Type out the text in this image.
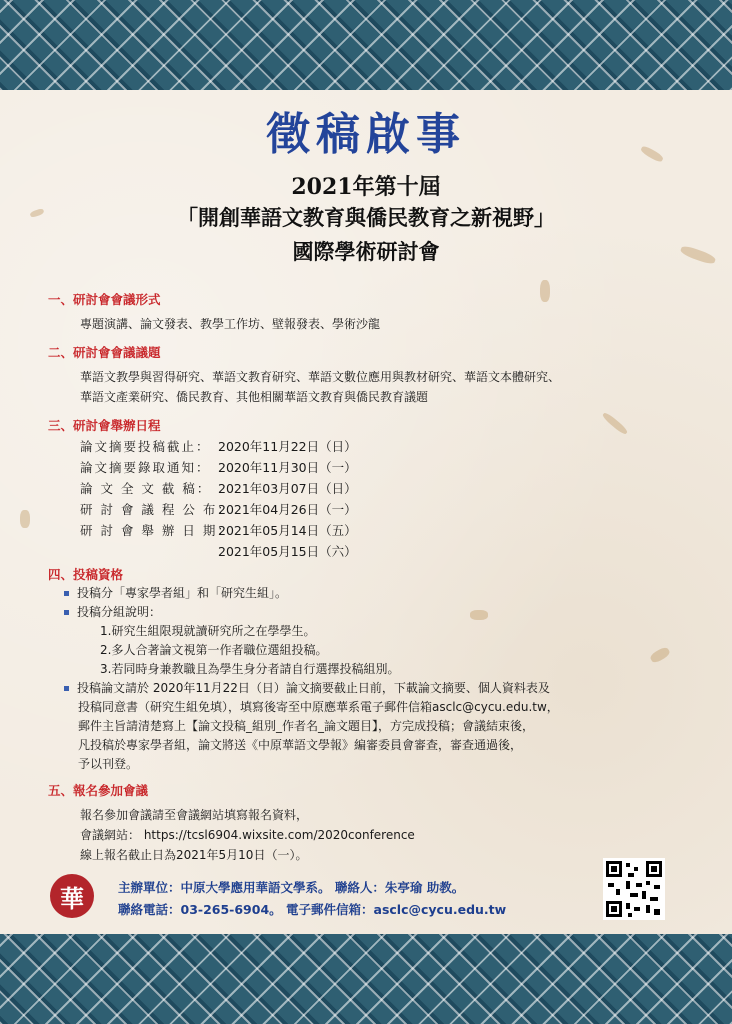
徵稿啟事
2021年第十屆
「開創華語文教育與僑民教育之新視野」
國際學術研討會
一、研討會會議形式
專題演講、論文發表、教學工作坊、壁報發表、學術沙龍
二、研討會會議議題
華語文教學與習得研究、華語文教育研究、華語文數位應用與教材研究、華語文本體研究、
華語文產業研究、僑民教育、其他相關華語文教育與僑民教育議題
三、研討會舉辦日程
論文摘要投稿截止： 2020年11月22日（日）
論文摘要錄取通知： 2020年11月30日（一）
論 文 全 文 截 稿： 2021年03月07日（日）
研 討 會 議 程 公 布：2021年04月26日（一）
研 討 會 舉 辦 日 期：2021年05月14日（五）
2021年05月15日（六）
四、投稿資格
投稿分「專家學者組」和「研究生組」。
投稿分組說明：
1.研究生組限現就讀研究所之在學學生。
2.多人合著論文視第一作者職位選組投稿。
3.若同時身兼教職且為學生身分者請自行選擇投稿組別。
投稿論文請於 2020年11月22日（日）論文摘要截止日前，下載論文摘要、個人資料表及
投稿同意書（研究生組免填），填寫後寄至中原應華系電子郵件信箱asclc@cycu.edu.tw，
郵件主旨請清楚寫上【論文投稿_組別_作者名_論文題目】，方完成投稿；會議結束後，
凡投稿於專家學者組，論文將送《中原華語文學報》編審委員會審查，審查通過後，
予以刊登。
五、報名參加會議
報名參加會議請至會議網站填寫報名資料，
會議網站： https://tcsl6904.wixsite.com/2020conference
線上報名截止日為2021年5月10日（一）。
華	主辦單位：中原大學應用華語文學系。 聯絡人：朱亭瑜 助教。
聯絡電話：03-265-6904。 電子郵件信箱：asclc@cycu.edu.tw
